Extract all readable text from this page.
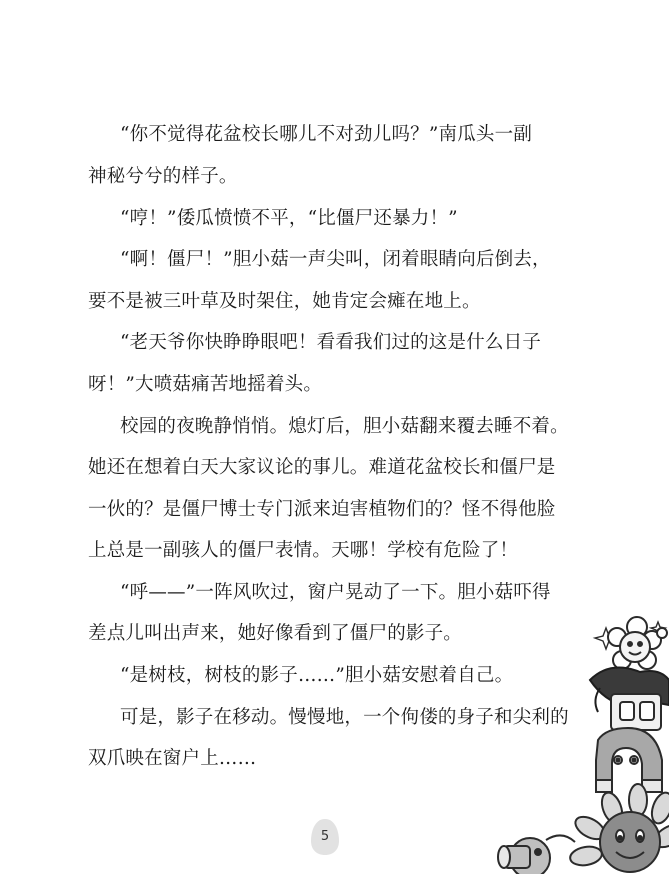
“你不觉得花盆校长哪儿不对劲儿吗？”南瓜头一副
神秘兮兮的样子。
“哼！”倭瓜愤愤不平，“比僵尸还暴力！”
“啊！僵尸！”胆小菇一声尖叫，闭着眼睛向后倒去，
要不是被三叶草及时架住，她肯定会瘫在地上。
“老天爷你快睁睁眼吧！看看我们过的这是什么日子
呀！”大喷菇痛苦地摇着头。
校园的夜晚静悄悄。熄灯后，胆小菇翻来覆去睡不着。
她还在想着白天大家议论的事儿。难道花盆校长和僵尸是
一伙的？是僵尸博士专门派来迫害植物们的？怪不得他脸
上总是一副骇人的僵尸表情。天哪！学校有危险了！
“呼——”一阵风吹过，窗户晃动了一下。胆小菇吓得
差点儿叫出声来，她好像看到了僵尸的影子。
“是树枝，树枝的影子……”胆小菇安慰着自己。
可是，影子在移动。慢慢地，一个佝偻的身子和尖利的
双爪映在窗户上……
5
